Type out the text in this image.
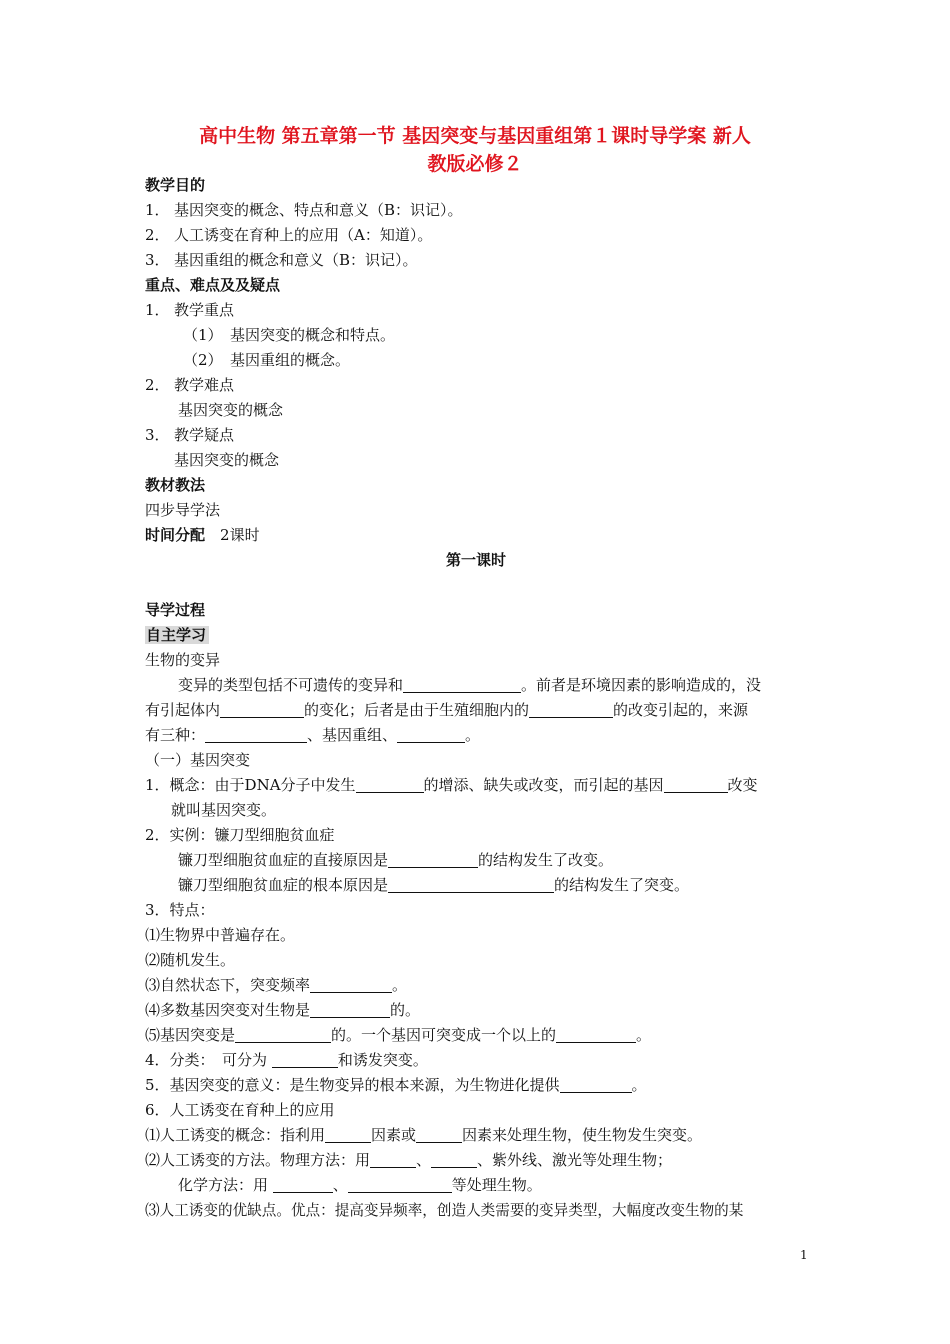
高中生物 第五章第一节 基因突变与基因重组第１课时导学案 新人
教版必修２
教学目的
1． 基因突变的概念、特点和意义（B：识记）。
2． 人工诱变在育种上的应用（A：知道）。
3． 基因重组的概念和意义（B：识记）。
重点、难点及及疑点
1． 教学重点
（1）　基因突变的概念和特点。
（2）　基因重组的概念。
2． 教学难点
基因突变的概念
3． 教学疑点
基因突变的概念
教材教法
四步导学法
时间分配　 2课时
第一课时
导学过程
自主学习
生物的变异
变异的类型包括不可遗传的变异和	。前者是环境因素的影响造成的，没
有引起体内	的变化；后者是由于生殖细胞内的	的改变引起的，来源
有三种：	、基因重组、	。
（一）基因突变
1．概念：由于DNA分子中发生	的增添、缺失或改变，而引起的基因	改变
就叫基因突变。
2．实例：镰刀型细胞贫血症
镰刀型细胞贫血症的直接原因是	的结构发生了改变。
镰刀型细胞贫血症的根本原因是	的结构发生了突变。
3．特点：
⑴生物界中普遍存在。
⑵随机发生。
⑶自然状态下，突变频率	。
⑷多数基因突变对生物是	的。
⑸基因突变是	的。一个基因可突变成一个以上的	。
4．分类：　可分为	和诱发突变。
5．基因突变的意义：是生物变异的根本来源，为生物进化提供	。
6．人工诱变在育种上的应用
⑴人工诱变的概念：指利用	因素或	因素来处理生物，使生物发生突变。
⑵人工诱变的方法。物理方法：用	、	、紫外线、激光等处理生物；
化学方法：用	、	等处理生物。
⑶人工诱变的优缺点。优点：提高变异频率，创造人类需要的变异类型，大幅度改变生物的某
1
